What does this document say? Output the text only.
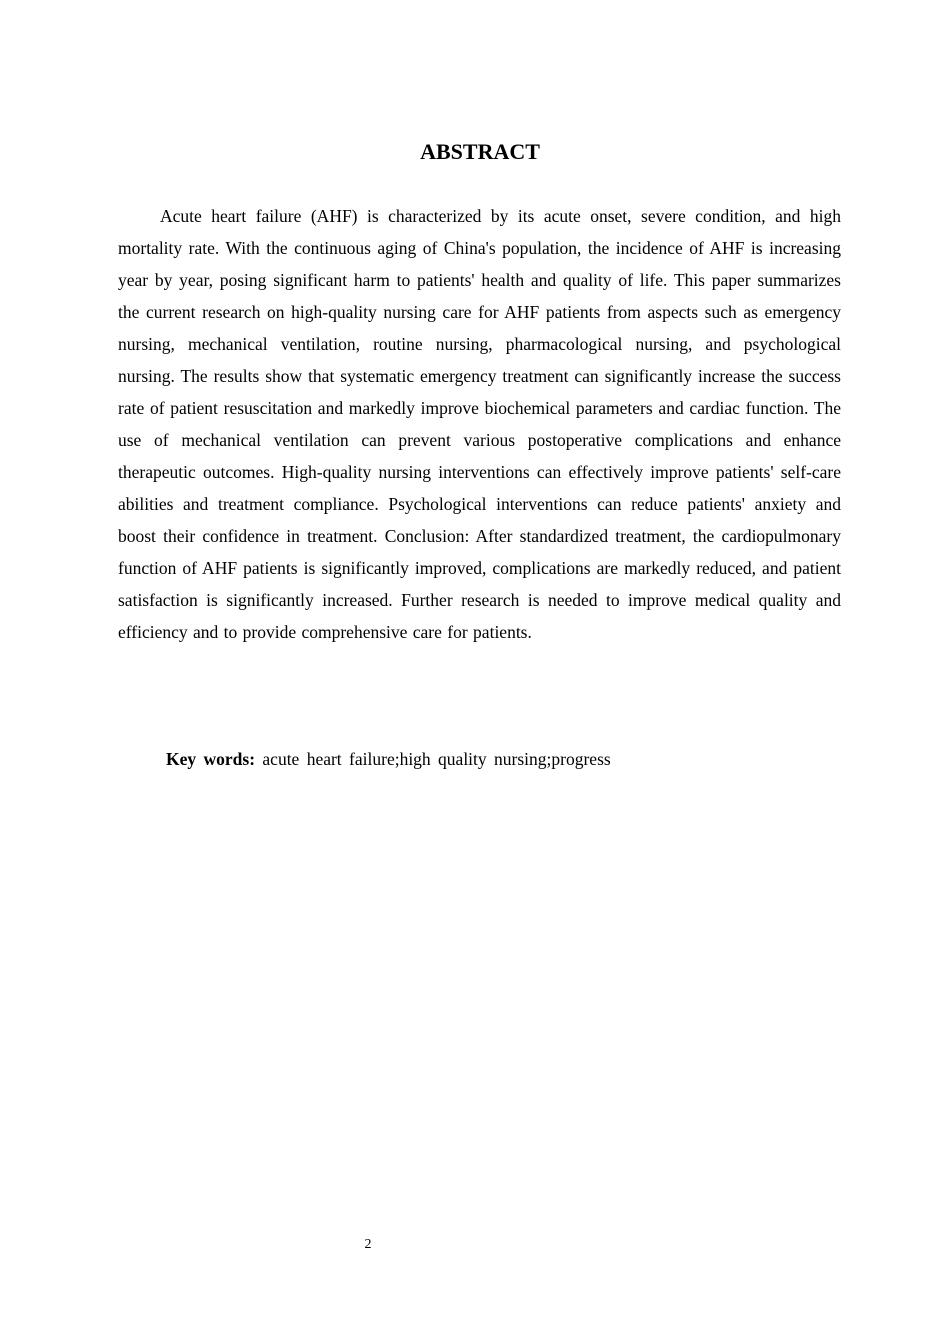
ABSTRACT

Acute heart failure (AHF) is characterized by its acute onset, severe condition, and high mortality rate. With the continuous aging of China's population, the incidence of AHF is increasing year by year, posing significant harm to patients' health and quality of life. This paper summarizes the current research on high-quality nursing care for AHF patients from aspects such as emergency nursing, mechanical ventilation, routine nursing, pharmacological nursing, and psychological nursing. The results show that systematic emergency treatment can significantly increase the success rate of patient resuscitation and markedly improve biochemical parameters and cardiac function. The use of mechanical ventilation can prevent various postoperative complications and enhance therapeutic outcomes. High-quality nursing interventions can effectively improve patients' self-care abilities and treatment compliance. Psychological interventions can reduce patients' anxiety and boost their confidence in treatment. Conclusion: After standardized treatment, the cardiopulmonary function of AHF patients is significantly improved, complications are markedly reduced, and patient satisfaction is significantly increased. Further research is needed to improve medical quality and efficiency and to provide comprehensive care for patients.

Key words: acute heart failure;high quality nursing;progress

2
